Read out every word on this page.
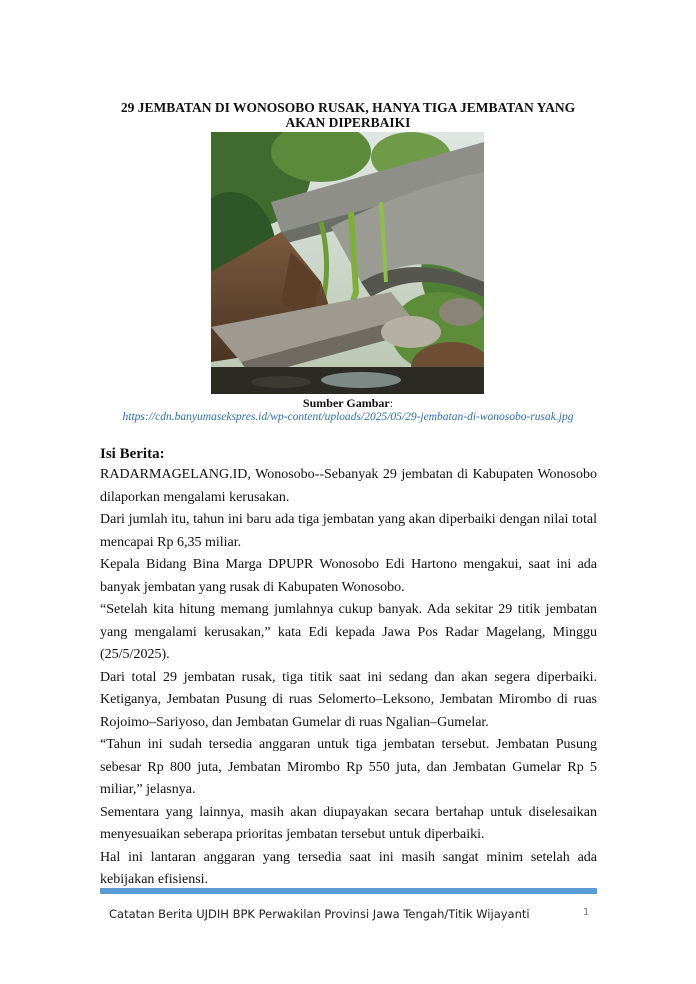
29 JEMBATAN DI WONOSOBO RUSAK, HANYA TIGA JEMBATAN YANG AKAN DIPERBAIKI
Sumber Gambar:
https://cdn.banyumasekspres.id/wp-content/uploads/2025/05/29-jembatan-di-wonosobo-rusak.jpg
Isi Berita:

RADARMAGELANG.ID, Wonosobo--Sebanyak 29 jembatan di Kabupaten Wonosobo dilaporkan mengalami kerusakan.

Dari jumlah itu, tahun ini baru ada tiga jembatan yang akan diperbaiki dengan nilai total mencapai Rp 6,35 miliar.

Kepala Bidang Bina Marga DPUPR Wonosobo Edi Hartono mengakui, saat ini ada banyak jembatan yang rusak di Kabupaten Wonosobo.

“Setelah kita hitung memang jumlahnya cukup banyak. Ada sekitar 29 titik jembatan yang mengalami kerusakan,” kata Edi kepada Jawa Pos Radar Magelang, Minggu (25/5/2025).

Dari total 29 jembatan rusak, tiga titik saat ini sedang dan akan segera diperbaiki. Ketiganya, Jembatan Pusung di ruas Selomerto–Leksono, Jembatan Mirombo di ruas Rojoimo–Sariyoso, dan Jembatan Gumelar di ruas Ngalian–Gumelar.

“Tahun ini sudah tersedia anggaran untuk tiga jembatan tersebut. Jembatan Pusung sebesar Rp 800 juta, Jembatan Mirombo Rp 550 juta, dan Jembatan Gumelar Rp 5 miliar,” jelasnya.

Sementara yang lainnya, masih akan diupayakan secara bertahap untuk diselesaikan menyesuaikan seberapa prioritas jembatan tersebut untuk diperbaiki.

Hal ini lantaran anggaran yang tersedia saat ini masih sangat minim setelah ada kebijakan efisiensi.

Catatan Berita UJDIH BPK Perwakilan Provinsi Jawa Tengah/Titik Wijayanti	1
